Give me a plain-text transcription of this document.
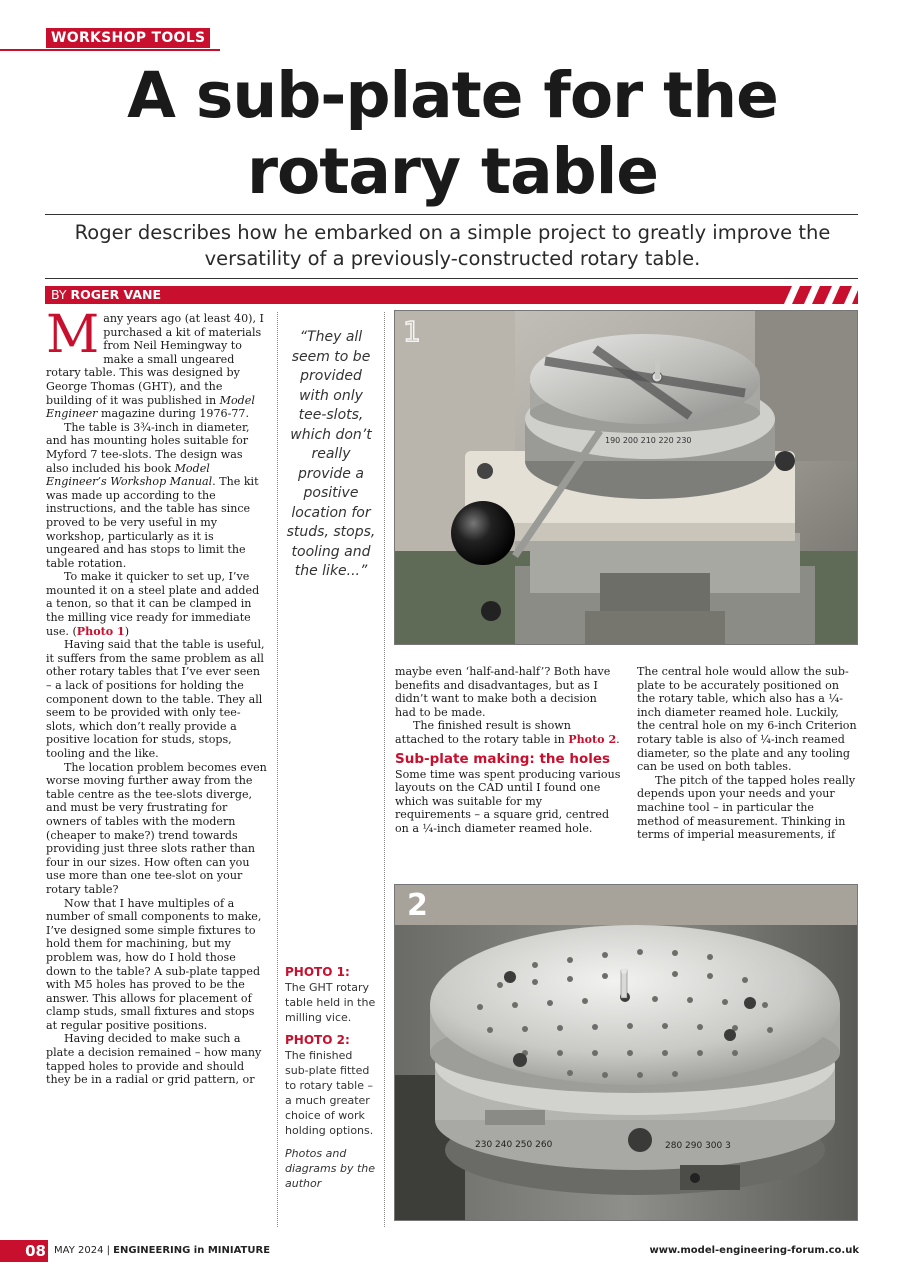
WORKSHOP TOOLS
A sub-plate for the
rotary table
Roger describes how he embarked on a simple project to greatly improve the
versatility of a previously-constructed rotary table.
BY ROGER VANE

Many years ago (at least 40), I purchased a kit of materials from Neil Hemingway to make a small ungeared rotary table. This was designed by George Thomas (GHT), and the building of it was published in Model Engineer magazine during 1976-77.

The table is 3¾-inch in diameter, and has mounting holes suitable for Myford 7 tee-slots. The design was also included his book Model Engineer’s Workshop Manual. The kit was made up according to the instructions, and the table has since proved to be very useful in my workshop, particularly as it is ungeared and has stops to limit the table rotation.

To make it quicker to set up, I’ve mounted it on a steel plate and added a tenon, so that it can be clamped in the milling vice ready for immediate use. (Photo 1)

Having said that the table is useful, it suffers from the same problem as all other rotary tables that I’ve ever seen – a lack of positions for holding the component down to the table. They all seem to be provided with only tee-slots, which don’t really provide a positive location for studs, stops, tooling and the like.

The location problem becomes even worse moving further away from the table centre as the tee-slots diverge, and must be very frustrating for owners of tables with the modern (cheaper to make?) trend towards providing just three slots rather than four in our sizes. How often can you use more than one tee-slot on your rotary table?

Now that I have multiples of a number of small components to make, I’ve designed some simple fixtures to hold them for machining, but my problem was, how do I hold those down to the table? A sub-plate tapped with M5 holes has proved to be the answer. This allows for placement of clamp studs, small fixtures and stops at regular positive positions.

Having decided to make such a plate a decision remained – how many tapped holes to provide and should they be in a radial or grid pattern, or

“They all seem to be provided with only tee-slots, which don’t really provide a positive location for studs, stops, tooling and the like...”

PHOTO 1:
The GHT rotary table held in the milling vice.

PHOTO 2:
The finished sub-plate fitted to rotary table – a much greater choice of work holding options.

Photos and diagrams by the author

190 200 210 220 230
1

maybe even ‘half-and-half’? Both have benefits and disadvantages, but as I didn’t want to make both a decision had to be made.

The finished result is shown attached to the rotary table in Photo 2.

Sub-plate making: the holes

Some time was spent producing various layouts on the CAD until I found one which was suitable for my requirements – a square grid, centred on a ¼-inch diameter reamed hole.

The central hole would allow the sub-plate to be accurately positioned on the rotary table, which also has a ¼-inch diameter reamed hole. Luckily, the central hole on my 6-inch Criterion rotary table is also of ¼-inch reamed diameter, so the plate and any tooling can be used on both tables.

The pitch of the tapped holes really depends upon your needs and your machine tool – in particular the method of measurement. Thinking in terms of imperial measurements, if

280 290 300 3
230 240 250 260
2
08 MAY 2024 | ENGINEERING in MINIATURE	www.model-engineering-forum.co.uk
